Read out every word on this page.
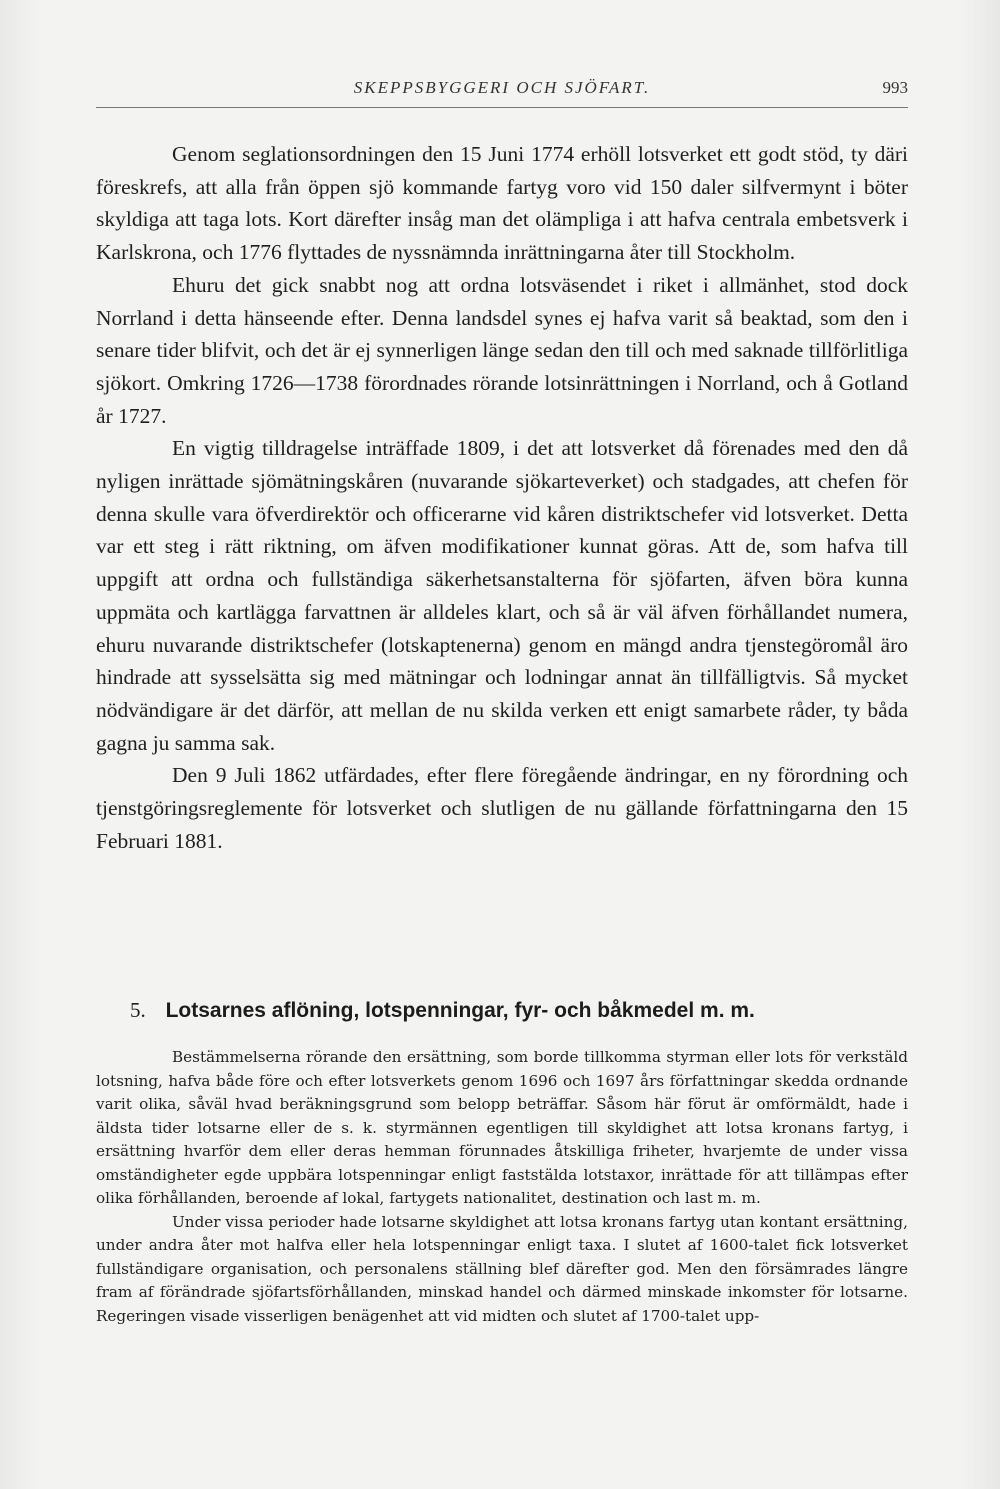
SKEPPSBYGGERI OCH SJÖFART.	993

Genom seglationsordningen den 15 Juni 1774 erhöll lotsverket ett godt stöd, ty däri föreskrefs, att alla från öppen sjö kommande fartyg voro vid 150 daler silfvermynt i böter skyldiga att taga lots. Kort därefter insåg man det olämpliga i att hafva centrala embetsverk i Karlskrona, och 1776 flyttades de nyssnämnda inrättningarna åter till Stockholm.

Ehuru det gick snabbt nog att ordna lotsväsendet i riket i allmänhet, stod dock Norrland i detta hänseende efter. Denna landsdel synes ej hafva varit så beaktad, som den i senare tider blifvit, och det är ej synnerligen länge sedan den till och med saknade tillförlitliga sjökort. Omkring 1726—1738 förordnades rörande lotsinrättningen i Norrland, och å Gotland år 1727.

En vigtig tilldragelse inträffade 1809, i det att lotsverket då förenades med den då nyligen inrättade sjömätningskåren (nuvarande sjökarteverket) och stadgades, att chefen för denna skulle vara öfverdirektör och officerarne vid kåren distriktschefer vid lotsverket. Detta var ett steg i rätt riktning, om äfven modifikationer kunnat göras. Att de, som hafva till uppgift att ordna och fullständiga säkerhetsanstalterna för sjöfarten, äfven böra kunna uppmäta och kartlägga farvattnen är alldeles klart, och så är väl äfven förhållandet numera, ehuru nuvarande distriktschefer (lotskaptenerna) genom en mängd andra tjenstegöromål äro hindrade att sysselsätta sig med mätningar och lodningar annat än tillfälligtvis. Så mycket nödvändigare är det därför, att mellan de nu skilda verken ett enigt samarbete råder, ty båda gagna ju samma sak.

Den 9 Juli 1862 utfärdades, efter flere föregående ändringar, en ny förordning och tjenstgöringsreglemente för lotsverket och slutligen de nu gällande författningarna den 15 Februari 1881.

5. Lotsarnes aflöning, lotspenningar, fyr- och båkmedel m. m.

Bestämmelserna rörande den ersättning, som borde tillkomma styrman eller lots för verkstäld lotsning, hafva både före och efter lotsverkets genom 1696 och 1697 års författningar skedda ordnande varit olika, såväl hvad beräkningsgrund som belopp beträffar. Såsom här förut är omförmäldt, hade i äldsta tider lotsarne eller de s. k. styrmännen egentligen till skyldighet att lotsa kronans fartyg, i ersättning hvarför dem eller deras hemman förunnades åtskilliga friheter, hvarjemte de under vissa omständigheter egde uppbära lotspenningar enligt faststälda lotstaxor, inrättade för att tillämpas efter olika förhållanden, beroende af lokal, fartygets nationalitet, destination och last m. m.

Under vissa perioder hade lotsarne skyldighet att lotsa kronans fartyg utan kontant ersättning, under andra åter mot halfva eller hela lotspenningar enligt taxa. I slutet af 1600-talet fick lotsverket fullständigare organisation, och personalens ställning blef därefter god. Men den försämrades längre fram af förändrade sjöfartsförhållanden, minskad handel och därmed minskade inkomster för lotsarne. Regeringen visade visserligen benägenhet att vid midten och slutet af 1700-talet upp-
